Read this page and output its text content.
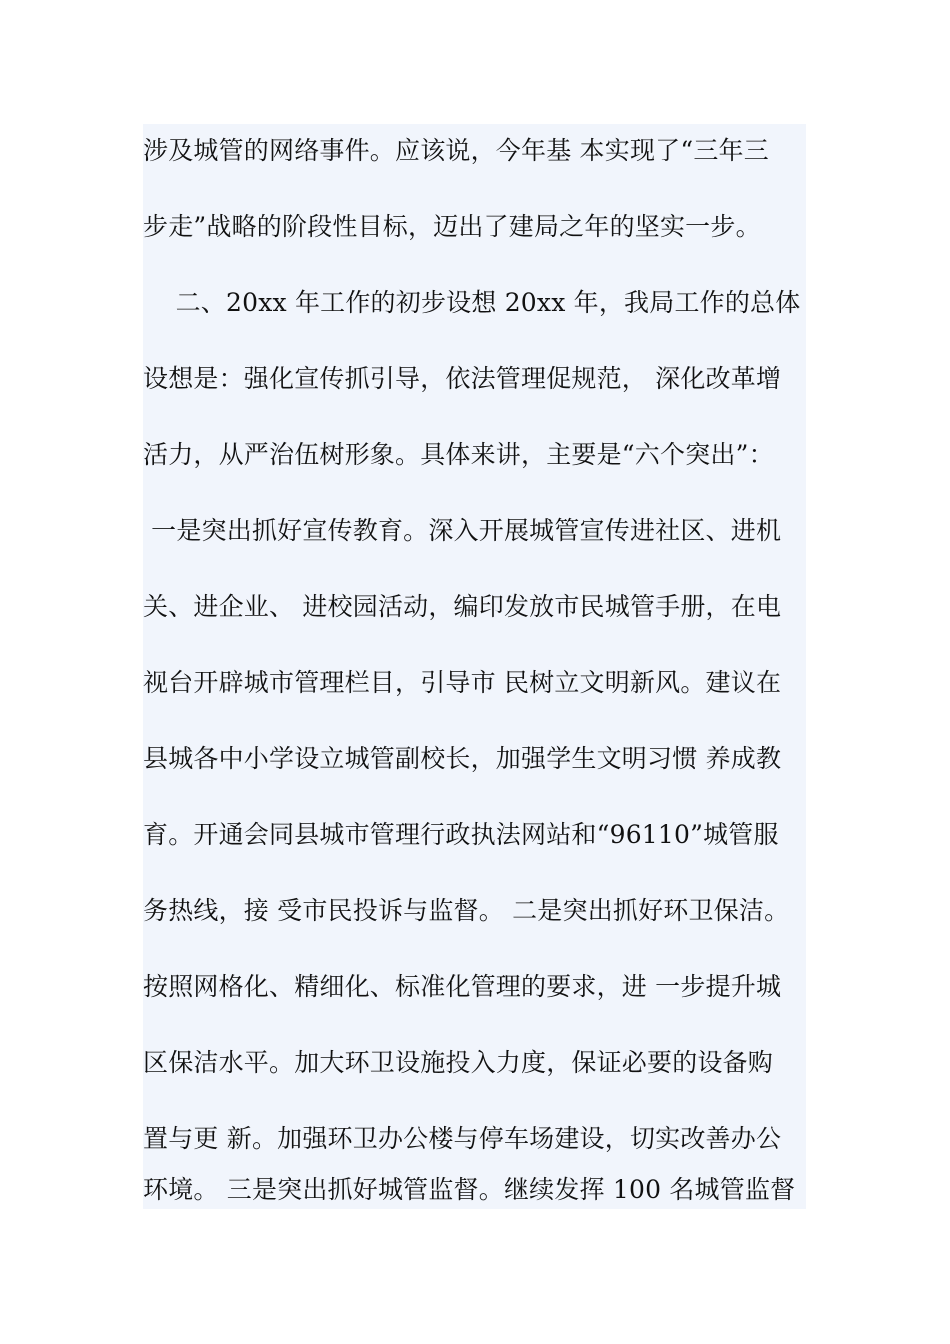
涉及城管的网络事件。应该说，今年基 本实现了“三年三
步走”战略的阶段性目标，迈出了建局之年的坚实一步。
二、20xx 年工作的初步设想 20xx 年，我局工作的总体
设想是：强化宣传抓引导，依法管理促规范， 深化改革增
活力，从严治伍树形象。具体来讲，主要是“六个突出”：
一是突出抓好宣传教育。深入开展城管宣传进社区、进机
关、进企业、 进校园活动，编印发放市民城管手册，在电
视台开辟城市管理栏目，引导市 民树立文明新风。建议在
县城各中小学设立城管副校长，加强学生文明习惯 养成教
育。开通会同县城市管理行政执法网站和“96110”城管服
务热线，接 受市民投诉与监督。 二是突出抓好环卫保洁。
按照网格化、精细化、标准化管理的要求，进 一步提升城
区保洁水平。加大环卫设施投入力度，保证必要的设备购
置与更 新。加强环卫办公楼与停车场建设，切实改善办公
环境。 三是突出抓好城管监督。继续发挥 100 名城管监督
